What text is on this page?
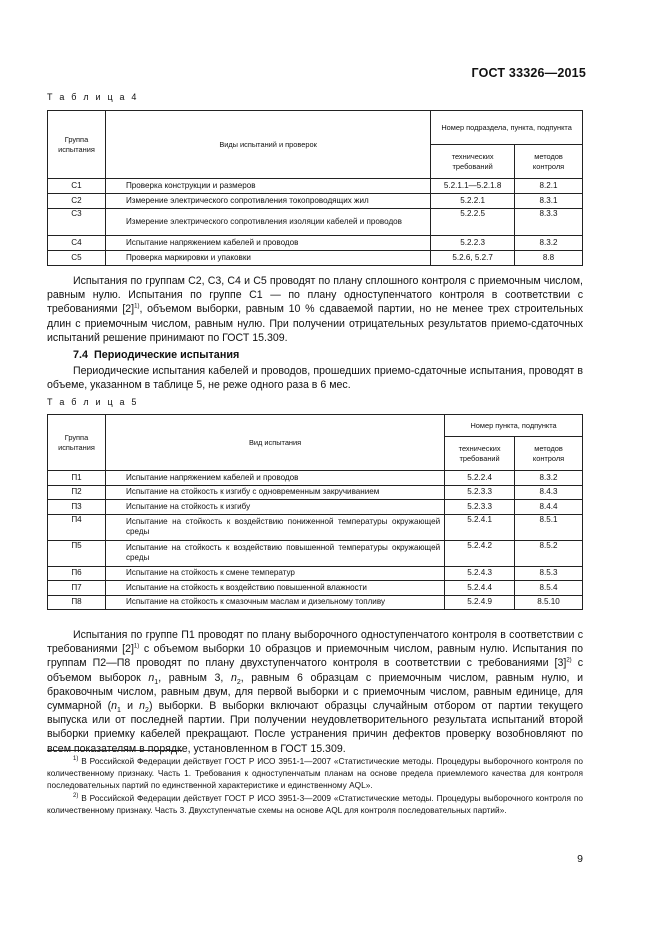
ГОСТ 33326—2015
Т а б л и ц а 4
Группа испытания	Виды испытаний и проверок	Номер подраздела, пункта, подпункта	
		технических требований	методов контроля
С1	Проверка конструкции и размеров	5.2.1.1—5.2.1.8	8.2.1
С2	Измерение электрического сопротивления токопроводящих жил	5.2.2.1	8.3.1
С3	Измерение электрического сопротивления изоляции кабелей и проводов	5.2.2.5	8.3.3
С4	Испытание напряжением кабелей и проводов	5.2.2.3	8.3.2
С5	Проверка маркировки и упаковки	5.2.6, 5.2.7	8.8

Испытания по группам С2, С3, С4 и С5 проводят по плану сплошного контроля с приемочным числом, равным нулю. Испытания по группе С1 — по плану одноступенчатого контроля в соответствии с требованиями $[2]^{1)}$, объемом выборки, равным 10 % сдаваемой партии, но не менее трех строительных длин с приемочным числом, равным нулю. При получении отрицательных результатов приемо-сдаточных испытаний решение принимают по ГОСТ 15.309.

7.4 Периодические испытания

Периодические испытания кабелей и проводов, прошедших приемо-сдаточные испытания, проводят в объеме, указанном в таблице 5, не реже одного раза в 6 мес.

Т а б л и ц а 5
Группа испытания	Вид испытания	Номер пункта, подпункта	
		технических требований	методов контроля
П1	Испытание напряжением кабелей и проводов	5.2.2.4	8.3.2
П2	Испытание на стойкость к изгибу с одновременным закручиванием	5.2.3.3	8.4.3
П3	Испытание на стойкость к изгибу	5.2.3.3	8.4.4
П4	Испытание на стойкость к воздействию пониженной температуры окружающей среды	5.2.4.1	8.5.1
П5	Испытание на стойкость к воздействию повышенной температуры окружающей среды	5.2.4.2	8.5.2
П6	Испытание на стойкость к смене температур	5.2.4.3	8.5.3
П7	Испытание на стойкость к воздействию повышенной влажности	5.2.4.4	8.5.4
П8	Испытание на стойкость к смазочным маслам и дизельному топливу	5.2.4.9	8.5.10

Испытания по группе П1 проводят по плану выборочного одноступенчатого контроля в соответствии с требованиями $[2]^{1)}$ с объемом выборки 10 образцов и приемочным числом, равным нулю. Испытания по группам П2—П8 проводят по плану двухступенчатого контроля в соответствии с требованиями $[3]^{2)}$ с объемом выборок $n_1$, равным 3, $n_2$, равным 6 образцам с приемочным числом, равным нулю, и браковочным числом, равным двум, для первой выборки и с приемочным числом, равным единице, для суммарной ($n_1$ и $n_2$) выборки. В выборки включают образцы случайным отбором от партии текущего выпуска или от последней партии. При получении неудовлетворительного результата испытаний второй выборки приемку кабелей прекращают. После устранения причин дефектов проверку возобновляют по всем показателям в порядке, установленном в ГОСТ 15.309.

$^{1)}$ В Российской Федерации действует ГОСТ Р ИСО 3951-1—2007 «Статистические методы. Процедуры выборочного контроля по количественному признаку. Часть 1. Требования к одноступенчатым планам на основе предела приемлемого качества для контроля последовательных партий по единственной характеристике и единственному AQL».

$^{2)}$ В Российской Федерации действует ГОСТ Р ИСО 3951-3—2009 «Статистические методы. Процедуры выборочного контроля по количественному признаку. Часть 3. Двухступенчатые схемы на основе AQL для контроля последовательных партий».

9
